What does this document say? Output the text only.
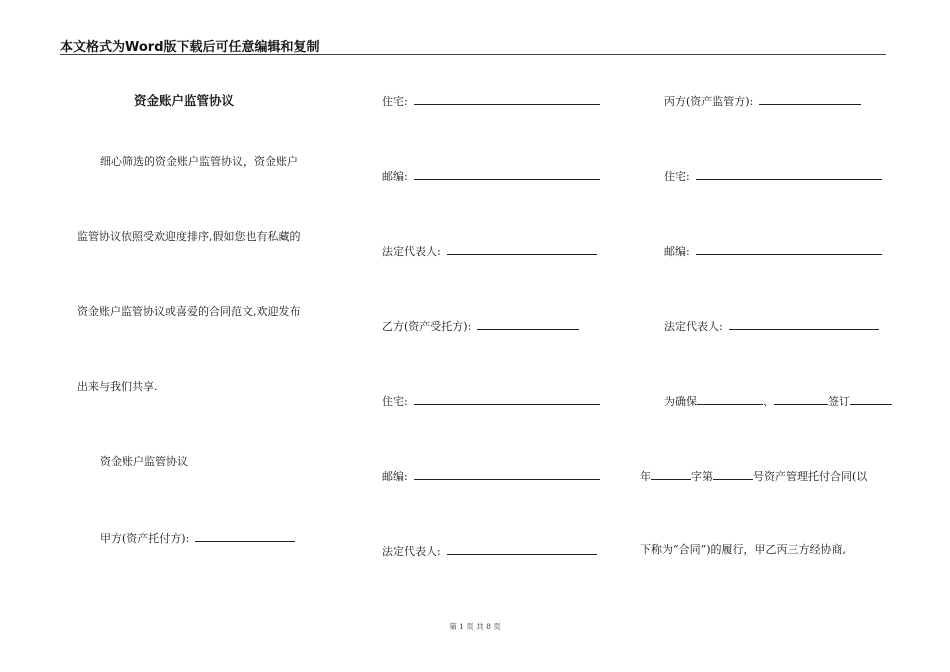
本文格式为Word版下载后可任意编辑和复制
资金账户监管协议
细心筛选的资金账户监管协议，资金账户
监管协议依照受欢迎度排序,假如您也有私藏的
资金账户监管协议或喜爱的合同范文,欢迎发布
出来与我们共享.
资金账户监管协议
甲方(资产托付方):
住宅:
邮编:
法定代表人:
乙方(资产受托方):
住宅:
邮编:
法定代表人:
丙方(资产监管方):
住宅:
邮编:
法定代表人:
为确保	、	签订
年	字第	号资产管理托付合同(以
下称为“合同”)的履行，甲乙丙三方经协商,
第 1 页 共 8 页
